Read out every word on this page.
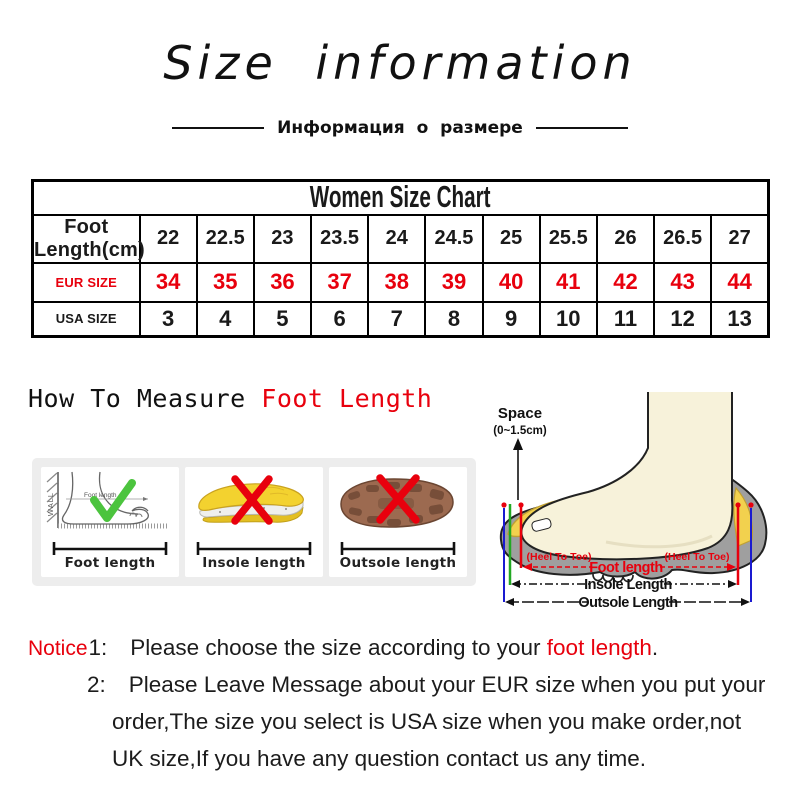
Size information
Информация о размере
Women Size Chart											
Foot Length(cm)	22	22.5	23	23.5	24	24.5	25	25.5	26	26.5	27
EUR SIZE	34	35	36	37	38	39	40	41	42	43	44
USA SIZE	3	4	5	6	7	8	9	10	11	12	13
How To Measure Foot Length
WALL	Foot length
Foot length	Insole length	Outsole length
Space
(0~1.5cm)
(Heel To Toe)	(Heel To Toe)
Foot length
Insole Length
Outsole Length
Notice1: Please choose the size according to your foot length.
2: Please Leave Message about your EUR size when you put your
order,The size you select is USA size when you make order,not
UK size,If you have any question contact us any time.
